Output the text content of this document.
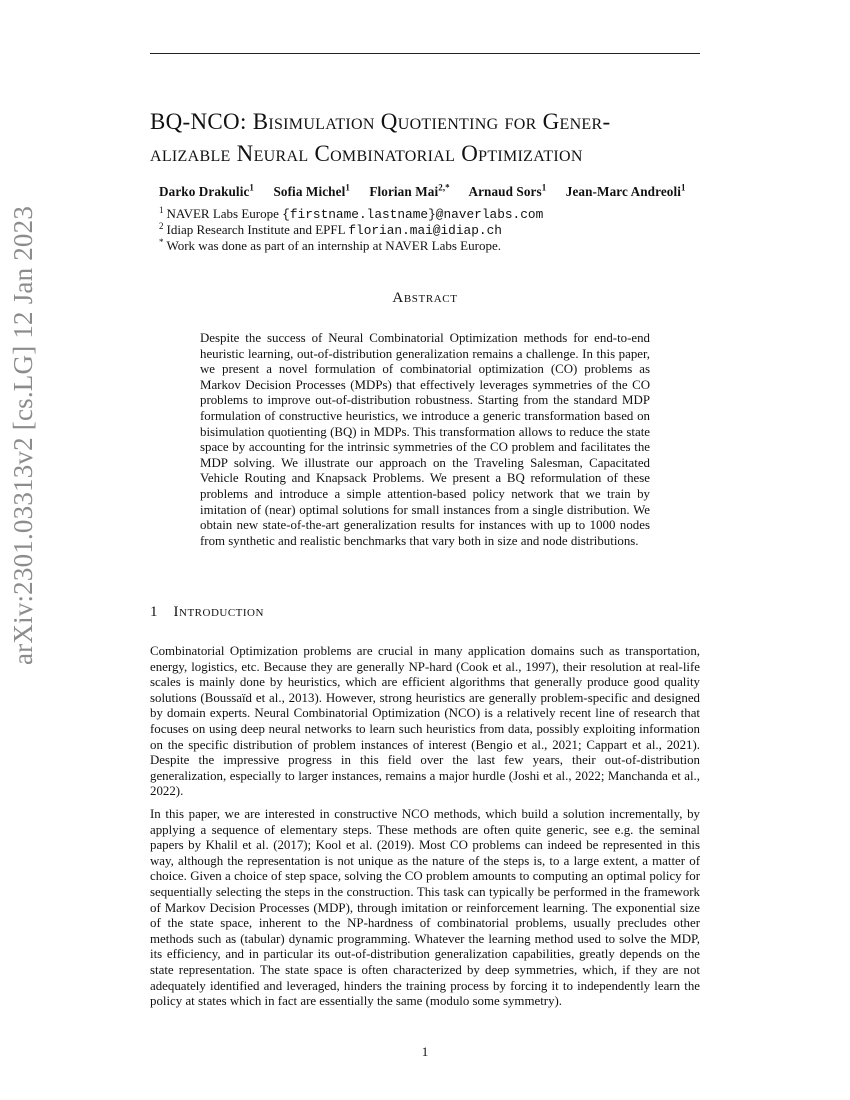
arXiv:2301.03313v2 [cs.LG] 12 Jan 2023
BQ-NCO: Bisimulation Quotienting for Gener-
alizable Neural Combinatorial Optimization
Darko Drakulic$^1$ Sofia Michel$^1$ Florian Mai$^{2,*}$ Arnaud Sors$^1$ Jean-Marc Andreoli$^1$
$^1$ NAVER Labs Europe {firstname.lastname}@naverlabs.com
$^2$ Idiap Research Institute and EPFL florian.mai@idiap.ch
* Work was done as part of an internship at NAVER Labs Europe.
Abstract
Despite the success of Neural Combinatorial Optimization methods for end-to-end heuristic learning, out-of-distribution generalization remains a challenge. In this paper, we present a novel formulation of combinatorial optimization (CO) problems as Markov Decision Processes (MDPs) that effectively leverages symmetries of the CO problems to improve out-of-distribution robustness. Starting from the standard MDP formulation of constructive heuristics, we introduce a generic transformation based on bisimulation quotienting (BQ) in MDPs. This transformation allows to reduce the state space by accounting for the intrinsic symmetries of the CO problem and facilitates the MDP solving. We illustrate our approach on the Traveling Salesman, Capacitated Vehicle Routing and Knapsack Problems. We present a BQ reformulation of these problems and introduce a simple attention-based policy network that we train by imitation of (near) optimal solutions for small instances from a single distribution. We obtain new state-of-the-art generalization results for instances with up to 1000 nodes from synthetic and realistic benchmarks that vary both in size and node distributions.
1 Introduction
Combinatorial Optimization problems are crucial in many application domains such as transportation, energy, logistics, etc. Because they are generally NP-hard (Cook et al., 1997), their resolution at real-life scales is mainly done by heuristics, which are efficient algorithms that generally produce good quality solutions (Boussaïd et al., 2013). However, strong heuristics are generally problem-specific and designed by domain experts. Neural Combinatorial Optimization (NCO) is a relatively recent line of research that focuses on using deep neural networks to learn such heuristics from data, possibly exploiting information on the specific distribution of problem instances of interest (Bengio et al., 2021; Cappart et al., 2021). Despite the impressive progress in this field over the last few years, their out-of-distribution generalization, especially to larger instances, remains a major hurdle (Joshi et al., 2022; Manchanda et al., 2022).
In this paper, we are interested in constructive NCO methods, which build a solution incrementally, by applying a sequence of elementary steps. These methods are often quite generic, see e.g. the seminal papers by Khalil et al. (2017); Kool et al. (2019). Most CO problems can indeed be represented in this way, although the representation is not unique as the nature of the steps is, to a large extent, a matter of choice. Given a choice of step space, solving the CO problem amounts to computing an optimal policy for sequentially selecting the steps in the construction. This task can typically be performed in the framework of Markov Decision Processes (MDP), through imitation or reinforcement learning. The exponential size of the state space, inherent to the NP-hardness of combinatorial problems, usually precludes other methods such as (tabular) dynamic programming. Whatever the learning method used to solve the MDP, its efficiency, and in particular its out-of-distribution generalization capabilities, greatly depends on the state representation. The state space is often characterized by deep symmetries, which, if they are not adequately identified and leveraged, hinders the training process by forcing it to independently learn the policy at states which in fact are essentially the same (modulo some symmetry).
1
